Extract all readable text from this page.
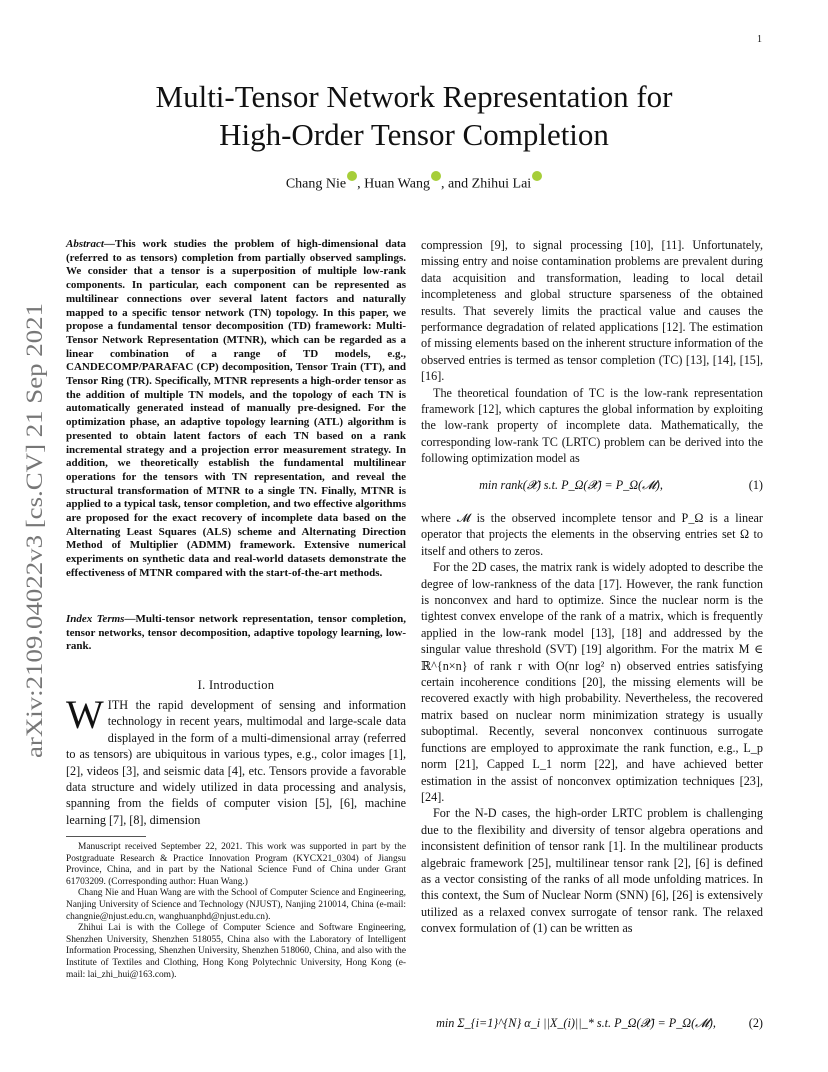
1
arXiv:2109.04022v3 [cs.CV] 21 Sep 2021
Multi-Tensor Network Representation for
High-Order Tensor Completion
Chang Nie , Huan Wang , and Zhihui Lai
Abstract—This work studies the problem of high-dimensional data (referred to as tensors) completion from partially observed samplings. We consider that a tensor is a superposition of multiple low-rank components. In particular, each component can be represented as multilinear connections over several latent factors and naturally mapped to a specific tensor network (TN) topology. In this paper, we propose a fundamental tensor decomposition (TD) framework: Multi-Tensor Network Representation (MTNR), which can be regarded as a linear combination of a range of TD models, e.g., CANDECOMP/PARAFAC (CP) decomposition, Tensor Train (TT), and Tensor Ring (TR). Specifically, MTNR represents a high-order tensor as the addition of multiple TN models, and the topology of each TN is automatically generated instead of manually pre-designed. For the optimization phase, an adaptive topology learning (ATL) algorithm is presented to obtain latent factors of each TN based on a rank incremental strategy and a projection error measurement strategy. In addition, we theoretically establish the fundamental multilinear operations for the tensors with TN representation, and reveal the structural transformation of MTNR to a single TN. Finally, MTNR is applied to a typical task, tensor completion, and two effective algorithms are proposed for the exact recovery of incomplete data based on the Alternating Least Squares (ALS) scheme and Alternating Direction Method of Multiplier (ADMM) framework. Extensive numerical experiments on synthetic data and real-world datasets demonstrate the effectiveness of MTNR compared with the start-of-the-art methods.
Index Terms—Multi-tensor network representation, tensor completion, tensor networks, tensor decomposition, adaptive topology learning, low-rank.
I. Introduction
WITH the rapid development of sensing and information technology in recent years, multimodal and large-scale data displayed in the form of a multi-dimensional array (referred to as tensors) are ubiquitous in various types, e.g., color images [1], [2], videos [3], and seismic data [4], etc. Tensors provide a favorable data structure and widely utilized in data processing and analysis, spanning from the fields of computer vision [5], [6], machine learning [7], [8], dimension

Manuscript received September 22, 2021. This work was supported in part by the Postgraduate Research & Practice Innovation Program (KYCX21_0304) of Jiangsu Province, China, and in part by the National Science Fund of China under Grant 61703209. (Corresponding author: Huan Wang.)

Chang Nie and Huan Wang are with the School of Computer Science and Engineering, Nanjing University of Science and Technology (NJUST), Nanjing 210014, China (e-mail: changnie@njust.edu.cn, wanghuanphd@njust.edu.cn).

Zhihui Lai is with the College of Computer Science and Software Engineering, Shenzhen University, Shenzhen 518055, China also with the Laboratory of Intelligent Information Processing, Shenzhen University, Shenzhen 518060, China, and also with the Institute of Textiles and Clothing, Hong Kong Polytechnic University, Hong Kong (e-mail: lai_zhi_hui@163.com).

compression [9], to signal processing [10], [11]. Unfortunately, missing entry and noise contamination problems are prevalent during data acquisition and transformation, leading to local detail incompleteness and global structure sparseness of the obtained results. That severely limits the practical value and causes the performance degradation of related applications [12]. The estimation of missing elements based on the inherent structure information of the observed entries is termed as tensor completion (TC) [13], [14], [15], [16].

The theoretical foundation of TC is the low-rank representation framework [12], which captures the global information by exploiting the low-rank property of incomplete data. Mathematically, the corresponding low-rank TC (LRTC) problem can be derived into the following optimization model as

min rank(𝓧) s.t. P_Ω(𝓧) = P_Ω(𝓜),	(1)

where 𝓜 is the observed incomplete tensor and P_Ω is a linear operator that projects the elements in the observing entries set Ω to itself and others to zeros.

For the 2D cases, the matrix rank is widely adopted to describe the degree of low-rankness of the data [17]. However, the rank function is nonconvex and hard to optimize. Since the nuclear norm is the tightest convex envelope of the rank of a matrix, which is frequently applied in the low-rank model [13], [18] and addressed by the singular value threshold (SVT) [19] algorithm. For the matrix M ∈ ℝ^{n×n} of rank r with O(nr log² n) observed entries satisfying certain incoherence conditions [20], the missing elements will be recovered exactly with high probability. Nevertheless, the recovered matrix based on nuclear norm minimization strategy is usually suboptimal. Recently, several nonconvex continuous surrogate functions are employed to approximate the rank function, e.g., L_p norm [21], Capped L_1 norm [22], and have achieved better estimation in the assist of nonconvex optimization techniques [23], [24].

For the N-D cases, the high-order LRTC problem is challenging due to the flexibility and diversity of tensor algebra operations and inconsistent definition of tensor rank [1]. In the multilinear products algebraic framework [25], multilinear tensor rank [2], [6] is defined as a vector consisting of the ranks of all mode unfolding matrices. In this context, the Sum of Nuclear Norm (SNN) [6], [26] is extensively utilized as a relaxed convex surrogate of tensor rank. The relaxed convex formulation of (1) can be written as

min Σ_{i=1}^{N} α_i ||X_(i)||_* s.t. P_Ω(𝓧) = P_Ω(𝓜),	(2)
